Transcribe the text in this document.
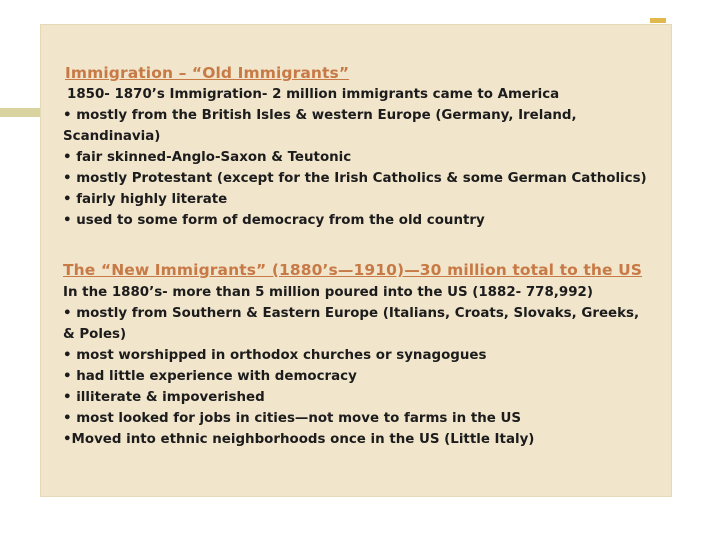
Immigration – “Old Immigrants”

1850- 1870’s Immigration- 2 million immigrants came to America

• mostly from the British Isles & western Europe (Germany, Ireland, Scandinavia)
• fair skinned-Anglo-Saxon & Teutonic
• mostly Protestant (except for the Irish Catholics & some German Catholics)
• fairly highly literate
• used to some form of democracy from the old country

The “New Immigrants” (1880’s—1910)—30 million total to the US

In the 1880’s- more than 5 million poured into the US (1882- 778,992)

• mostly from Southern & Eastern Europe (Italians, Croats, Slovaks, Greeks, & Poles)
• most worshipped in orthodox churches or synagogues
• had little experience with democracy
• illiterate & impoverished
• most looked for jobs in cities—not move to farms in the US
•Moved into ethnic neighborhoods once in the US (Little Italy)
